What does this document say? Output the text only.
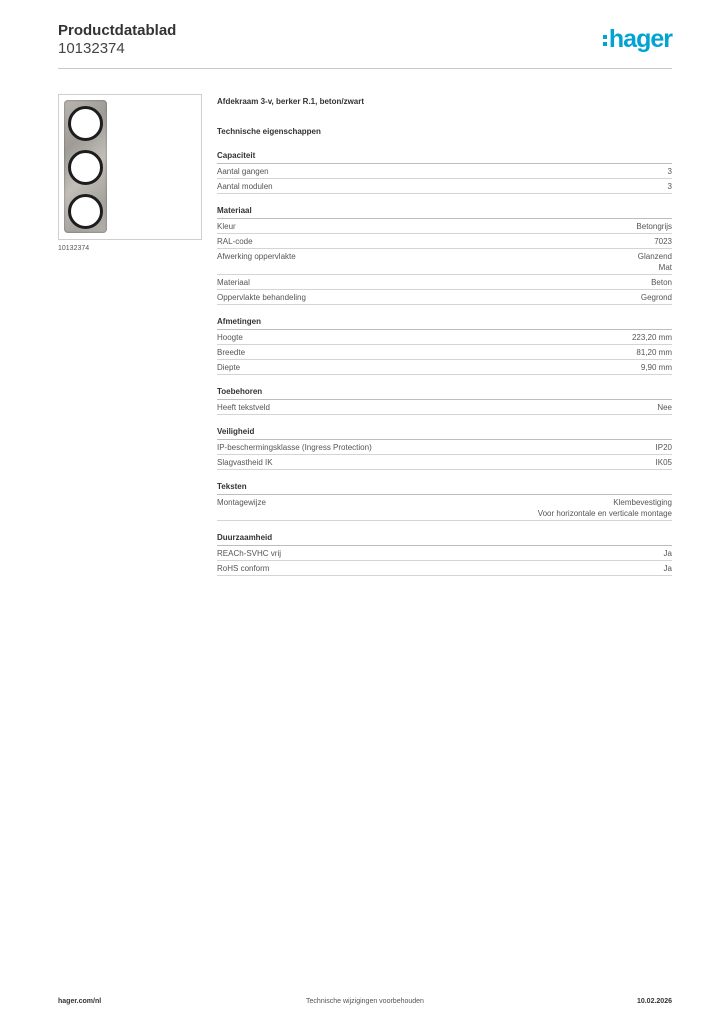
Productdatablad
10132374	hager
10132374
Afdekraam 3-v, berker R.1, beton/zwart
Technische eigenschappen
Capaciteit
Aantal gangen	3
Aantal modulen	3
Materiaal
Kleur	Betongrijs
RAL-code	7023
Afwerking oppervlakte	Glanzend
Mat
Materiaal	Beton
Oppervlakte behandeling	Gegrond
Afmetingen
Hoogte	223,20 mm
Breedte	81,20 mm
Diepte	9,90 mm
Toebehoren
Heeft tekstveld	Nee
Veiligheid
IP-beschermingsklasse (Ingress Protection)	IP20
Slagvastheid IK	IK05
Teksten
Montagewijze	Klembevestiging
Voor horizontale en verticale montage
Duurzaamheid
REACh-SVHC vrij	Ja
RoHS conform	Ja
hager.com/nl	Technische wijzigingen voorbehouden	10.02.2026
